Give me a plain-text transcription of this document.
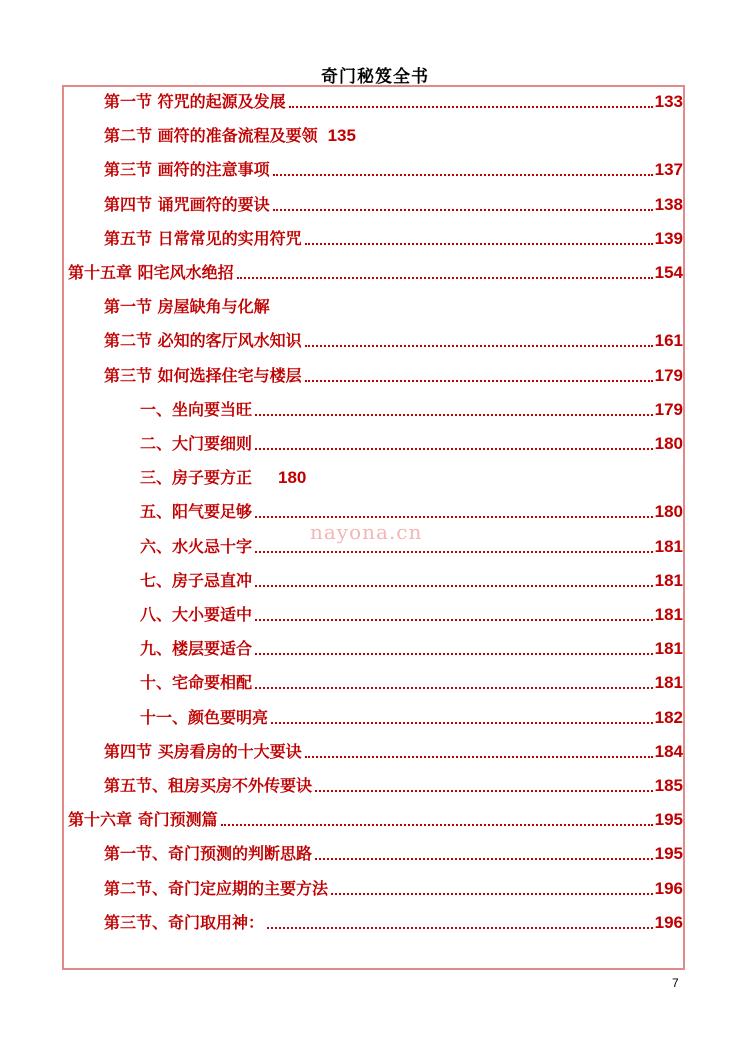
奇门秘笈全书
第一节 符咒的起源及发展	133
第二节 画符的准备流程及要领 135
第三节 画符的注意事项	137
第四节 诵咒画符的要诀	138
第五节 日常常见的实用符咒	139
第十五章 阳宅风水绝招	154
第一节 房屋缺角与化解
第二节 必知的客厅风水知识	161
第三节 如何选择住宅与楼层	179
一、坐向要当旺	179
二、大门要细则	180
三、房子要方正 180
五、阳气要足够	180
六、水火忌十字	181
七、房子忌直冲	181
八、大小要适中	181
九、楼层要适合	181
十、宅命要相配	181
十一、颜色要明亮	182
第四节 买房看房的十大要诀	184
第五节、租房买房不外传要诀	185
第十六章 奇门预测篇	195
第一节、奇门预测的判断思路	195
第二节、奇门定应期的主要方法	196
第三节、奇门取用神：	196
nayona.cn
7
